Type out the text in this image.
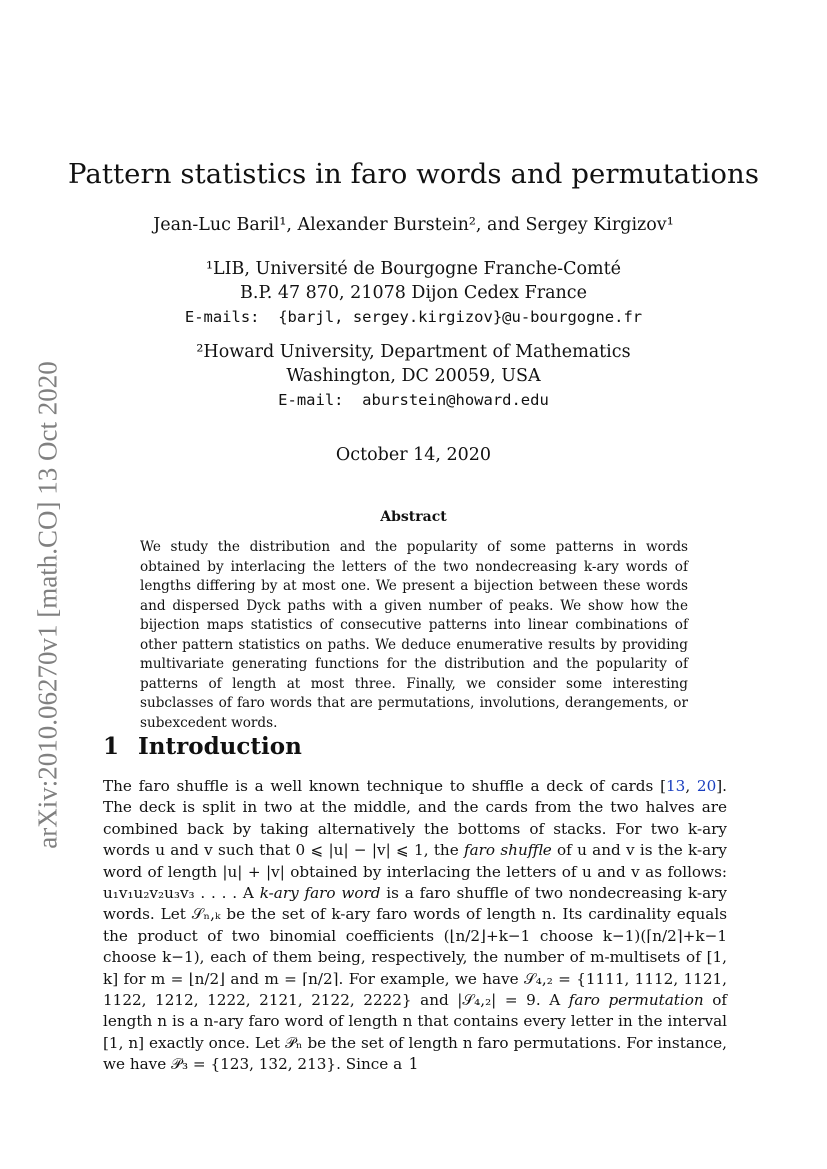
arXiv:2010.06270v1 [math.CO] 13 Oct 2020
Pattern statistics in faro words and permutations
Jean-Luc Baril¹, Alexander Burstein², and Sergey Kirgizov¹
¹LIB, Université de Bourgogne Franche-Comté
B.P. 47 870, 21078 Dijon Cedex France
E-mails: {barjl, sergey.kirgizov}@u-bourgogne.fr
²Howard University, Department of Mathematics
Washington, DC 20059, USA
E-mail: aburstein@howard.edu
October 14, 2020
Abstract
We study the distribution and the popularity of some patterns in words obtained by interlacing the letters of the two nondecreasing k-ary words of lengths differing by at most one. We present a bijection between these words and dispersed Dyck paths with a given number of peaks. We show how the bijection maps statistics of consecutive patterns into linear combinations of other pattern statistics on paths. We deduce enumerative results by providing multivariate generating functions for the distribution and the popularity of patterns of length at most three. Finally, we consider some interesting subclasses of faro words that are permutations, involutions, derangements, or subexcedent words.
1 Introduction

The faro shuffle is a well known technique to shuffle a deck of cards [13, 20]. The deck is split in two at the middle, and the cards from the two halves are combined back by taking alternatively the bottoms of stacks. For two k-ary words u and v such that 0 ⩽ |u| − |v| ⩽ 1, the faro shuffle of u and v is the k-ary word of length |u| + |v| obtained by interlacing the letters of u and v as follows: u₁v₁u₂v₂u₃v₃ . . . . A k-ary faro word is a faro shuffle of two nondecreasing k-ary words. Let 𝒮ₙ,ₖ be the set of k-ary faro words of length n. Its cardinality equals the product of two binomial coefficients (⌊n/2⌋+k−1 choose k−1)(⌈n/2⌉+k−1 choose k−1), each of them being, respectively, the number of m-multisets of [1, k] for m = ⌊n/2⌋ and m = ⌈n/2⌉. For example, we have 𝒮₄,₂ = {1111, 1112, 1121, 1122, 1212, 1222, 2121, 2122, 2222} and |𝒮₄,₂| = 9. A faro permutation of length n is a n-ary faro word of length n that contains every letter in the interval [1, n] exactly once. Let 𝒫ₙ be the set of length n faro permutations. For instance, we have 𝒫₃ = {123, 132, 213}. Since a 1
